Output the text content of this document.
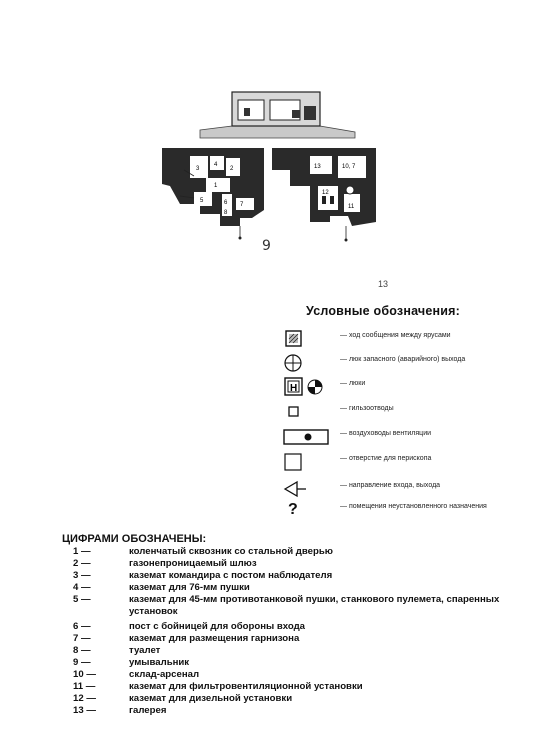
3
4
2
1
5	6 7
8
13	10, 7
12
11
9
13
Условные обозначения:
— ход сообщения между ярусами
— люк запасного (аварийного) выхода
H	— люки
— гильзоотводы
— воздуховоды вентиляции
— отверстие для перископа
— направление входа, выхода
?	— помещения неустановленного назначения
ЦИФРАМИ ОБОЗНАЧЕНЫ:
1 —	коленчатый сквозник со стальной дверью
2 —	газонепроницаемый шлюз
3 —	каземат командира с постом наблюдателя
4 —	каземат для 76-мм пушки
5 —	каземат для 45-мм противотанковой пушки, станкового пулемета, спаренных установок
6 —	пост с бойницей для обороны входа
7 —	каземат для размещения гарнизона
8 —	туалет
9 —	умывальник
10 —	склад-арсенал
11 —	каземат для фильтровентиляционной установки
12 —	каземат для дизельной установки
13 —	галерея
